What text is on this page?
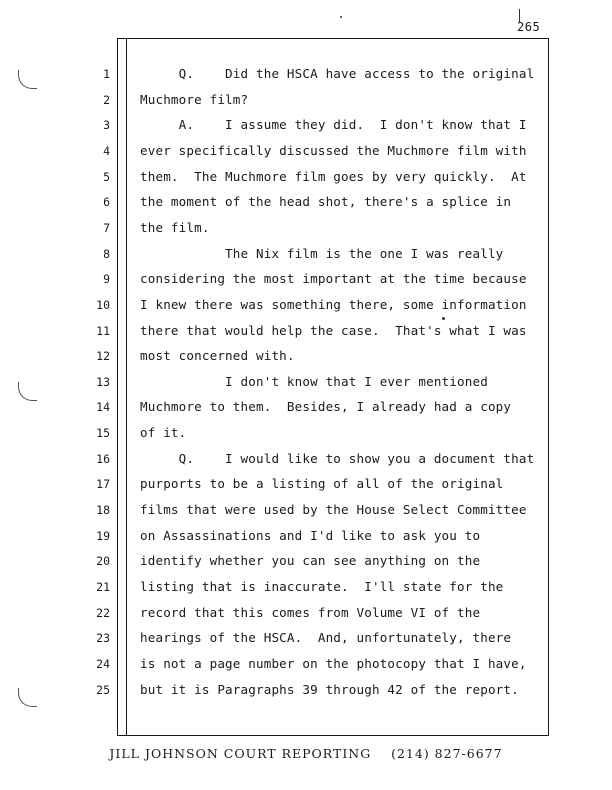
265
1 Q.    Did the HSCA have access to the original
2 Muchmore film?
3 A.    I assume they did.  I don't know that I
4 ever specifically discussed the Muchmore film with
5 them.  The Muchmore film goes by very quickly.  At
6 the moment of the head shot, there's a splice in
7 the film.
8 The Nix film is the one I was really
9 considering the most important at the time because
10 I knew there was something there, some information
11 there that would help the case.  That's what I was
12 most concerned with.
13 I don't know that I ever mentioned
14 Muchmore to them.  Besides, I already had a copy
15 of it.
16 Q.    I would like to show you a document that
17 purports to be a listing of all of the original
18 films that were used by the House Select Committee
19 on Assassinations and I'd like to ask you to
20 identify whether you can see anything on the
21 listing that is inaccurate.  I'll state for the
22 record that this comes from Volume VI of the
23 hearings of the HSCA.  And, unfortunately, there
24 is not a page number on the photocopy that I have,
25 but it is Paragraphs 39 through 42 of the report.
JILL JOHNSON COURT REPORTING    (214) 827-6677
